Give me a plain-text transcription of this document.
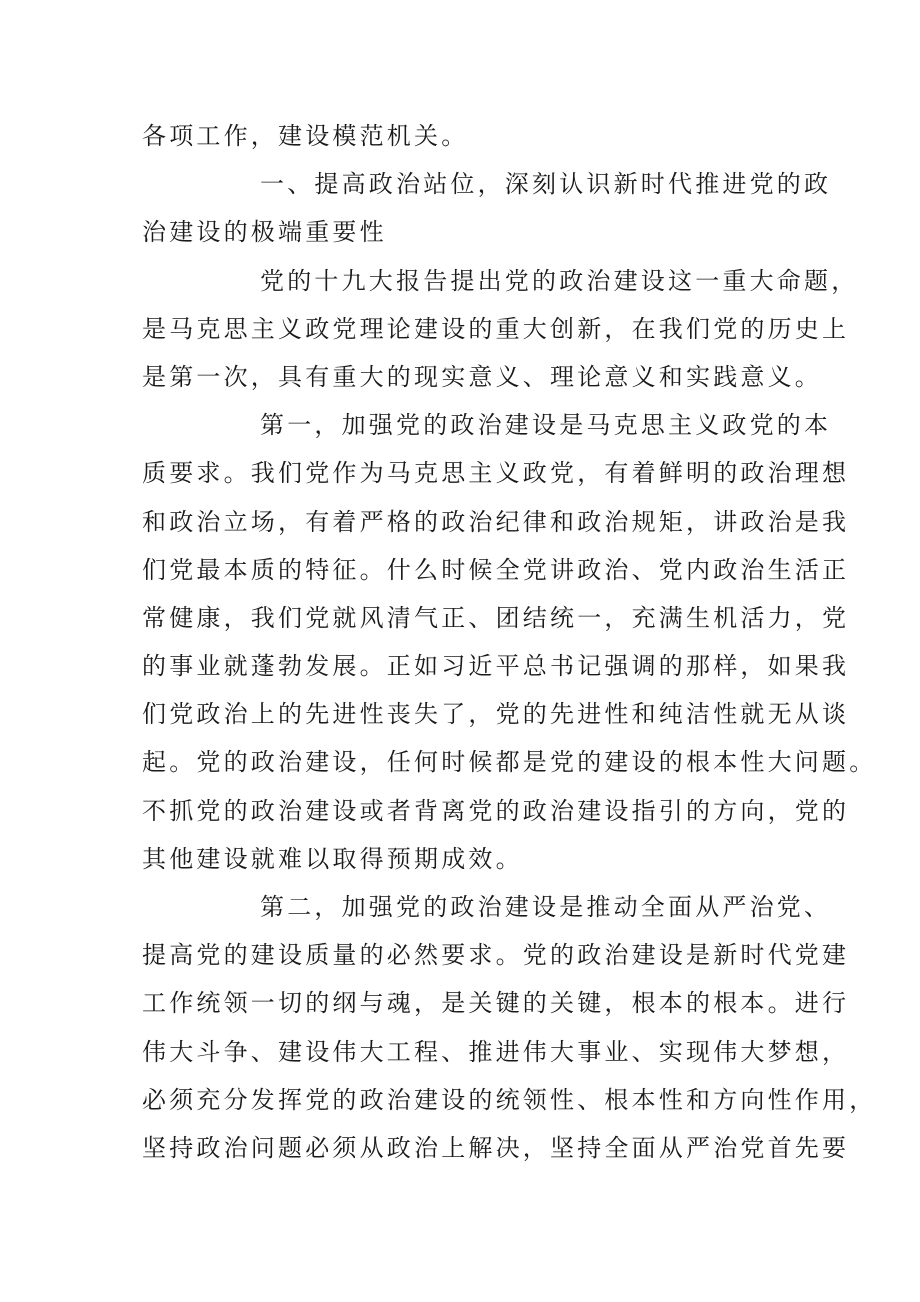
各项工作，建设模范机关。
一、提高政治站位，深刻认识新时代推进党的政
治建设的极端重要性
党的十九大报告提出党的政治建设这一重大命题，
是马克思主义政党理论建设的重大创新，在我们党的历史上
是第一次，具有重大的现实意义、理论意义和实践意义。
第一，加强党的政治建设是马克思主义政党的本
质要求。我们党作为马克思主义政党，有着鲜明的政治理想
和政治立场，有着严格的政治纪律和政治规矩，讲政治是我
们党最本质的特征。什么时候全党讲政治、党内政治生活正
常健康，我们党就风清气正、团结统一，充满生机活力，党
的事业就蓬勃发展。正如习近平总书记强调的那样，如果我
们党政治上的先进性丧失了，党的先进性和纯洁性就无从谈
起。党的政治建设，任何时候都是党的建设的根本性大问题。
不抓党的政治建设或者背离党的政治建设指引的方向，党的
其他建设就难以取得预期成效。
第二，加强党的政治建设是推动全面从严治党、
提高党的建设质量的必然要求。党的政治建设是新时代党建
工作统领一切的纲与魂，是关键的关键，根本的根本。进行
伟大斗争、建设伟大工程、推进伟大事业、实现伟大梦想，
必须充分发挥党的政治建设的统领性、根本性和方向性作用，
坚持政治问题必须从政治上解决，坚持全面从严治党首先要
